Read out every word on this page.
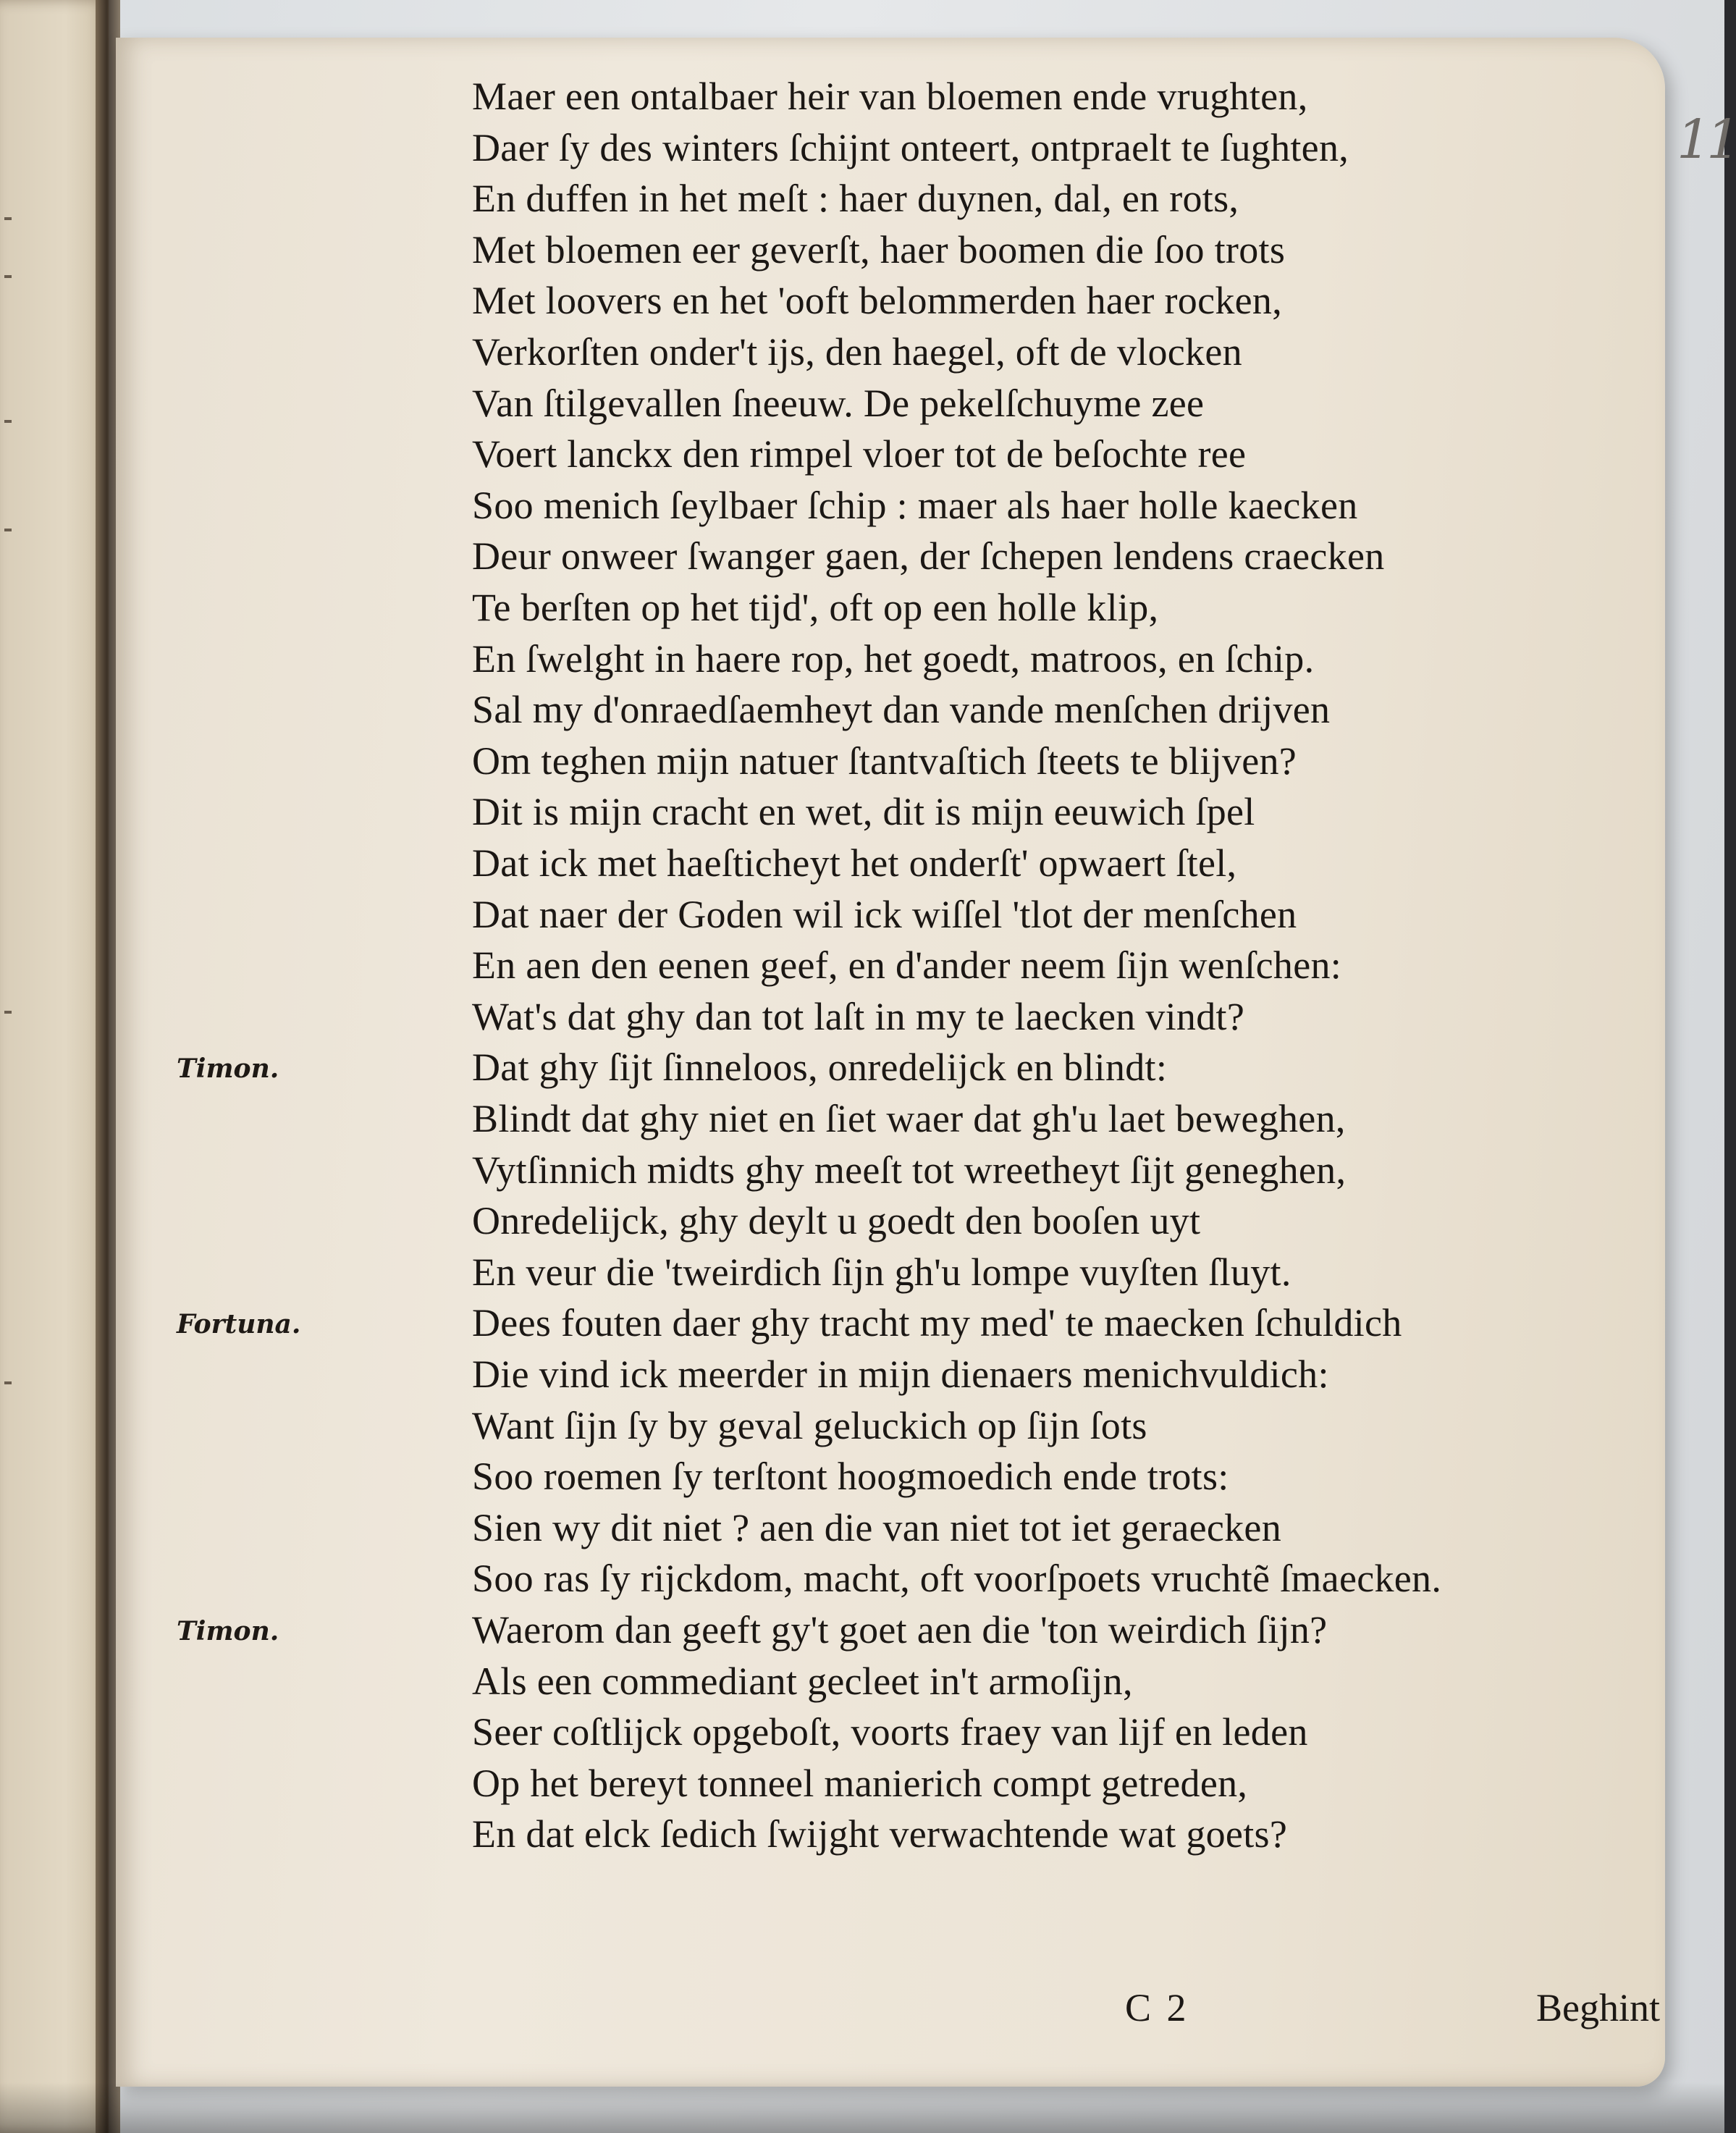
11
Maer een ontalbaer heir van bloemen ende vrughten,
Daer ſy des winters ſchijnt onteert, ontpraelt te ſughten,
En duffen in het meſt : haer duynen, dal, en rots,
Met bloemen eer geverſt, haer boomen die ſoo trots
Met loovers en het 'ooft belommerden haer rocken,
Verkorſten onder't ijs, den haegel, oft de vlocken
Van ſtilgevallen ſneeuw. De pekelſchuyme zee
Voert lanckx den rimpel vloer tot de beſochte ree
Soo menich ſeylbaer ſchip : maer als haer holle kaecken
Deur onweer ſwanger gaen, der ſchepen lendens craecken
Te berſten op het tijd', oft op een holle klip,
En ſwelght in haere rop, het goedt, matroos, en ſchip.
Sal my d'onraedſaemheyt dan vande menſchen drijven
Om teghen mijn natuer ſtantvaſtich ſteets te blijven?
Dit is mijn cracht en wet, dit is mijn eeuwich ſpel
Dat ick met haeſticheyt het onderſt' opwaert ſtel,
Dat naer der Goden wil ick wiſſel 'tlot der menſchen
En aen den eenen geef, en d'ander neem ſijn wenſchen:
Wat's dat ghy dan tot laſt in my te laecken vindt?
Dat ghy ſijt ſinneloos, onredelijck en blindt:
Blindt dat ghy niet en ſiet waer dat gh'u laet beweghen,
Vytſinnich midts ghy meeſt tot wreetheyt ſijt geneghen,
Onredelijck, ghy deylt u goedt den booſen uyt
En veur die 'tweirdich ſijn gh'u lompe vuyſten ſluyt.
Dees fouten daer ghy tracht my med' te maecken ſchuldich
Die vind ick meerder in mijn dienaers menichvuldich:
Want ſijn ſy by geval geluckich op ſijn ſots
Soo roemen ſy terſtont hoogmoedich ende trots:
Sien wy dit niet ? aen die van niet tot iet geraecken
Soo ras ſy rijckdom, macht, oft voorſpoets vruchtẽ ſmaecken.
Waerom dan geeft gy't goet aen die 'ton weirdich ſijn?
Als een commediant gecleet in't armoſijn,
Seer coſtlijck opgeboſt, voorts fraey van lijf en leden
Op het bereyt tonneel manierich compt getreden,
En dat elck ſedich ſwijght verwachtende wat goets?
Timon.
Fortuna.
Timon.
C 2	Beghint
